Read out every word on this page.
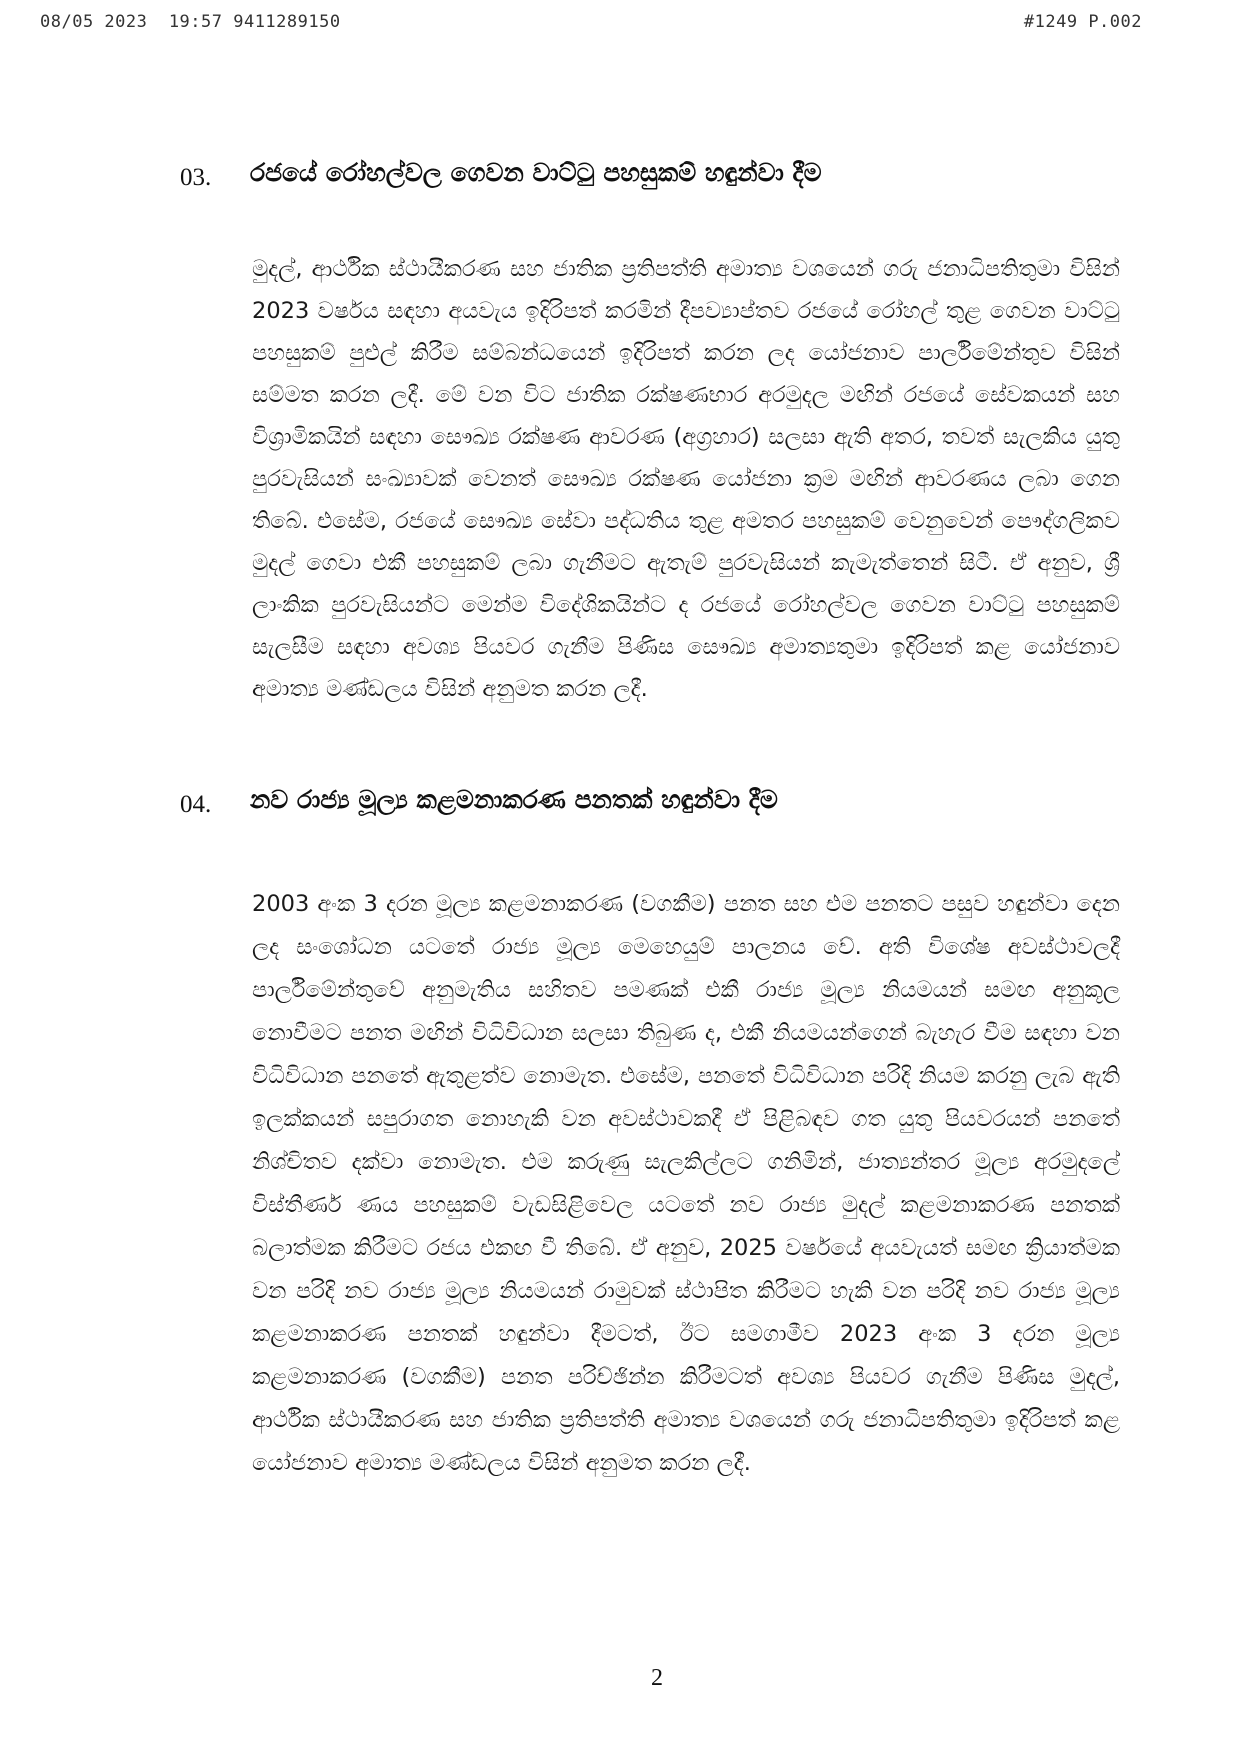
08/05 2023  19:57 9411289150	#1249 P.002
03. රජයේ රෝහල්වල ගෙවන වාට්ටු පහසුකම් හඳුන්වා දීම
මුදල්, ආර්ථික ස්ථායීකරණ සහ ජාතික ප්‍රතිපත්ති අමාත්‍ය වශයෙන් ගරු ජනාධිපතිතුමා විසින් 2023 වර්ෂය සඳහා අයවැය ඉදිරිපත් කරමින් දීපව්‍යාප්තව රජයේ රෝහල් තුළ ගෙවන වාට්ටු පහසුකම් පුළුල් කිරීම සම්බන්ධයෙන් ඉදිරිපත් කරන ලද යෝජනාව පාර්ලිමේන්තුව විසින් සම්මත කරන ලදී. මේ වන විට ජාතික රක්ෂණභාර අරමුදල මඟින් රජයේ සේවකයන් සහ විශ්‍රාමිකයින් සඳහා සෞඛ්‍ය රක්ෂණ ආවරණ (අග්‍රහාර) සලසා ඇති අතර, තවත් සැලකිය යුතු පුරවැසියන් සංඛ්‍යාවක් වෙනත් සෞඛ්‍ය රක්ෂණ යෝජනා ක්‍රම මඟින් ආවරණය ලබා ගෙන තිබේ. එසේම, රජයේ සෞඛ්‍ය සේවා පද්ධතිය තුළ අමතර පහසුකම් වෙනුවෙන් පෞද්ගලිකව මුදල් ගෙවා එකී පහසුකම් ලබා ගැනීමට ඇතැම් පුරවැසියන් කැමැත්තෙන් සිටී. ඒ අනුව, ශ්‍රී ලාංකික පුරවැසියන්ට මෙන්ම විදේශිකයින්ට ද රජයේ රෝහල්වල ගෙවන වාට්ටු පහසුකම් සැලසීම සඳහා අවශ්‍ය පියවර ගැනීම පිණිස සෞඛ්‍ය අමාත්‍යතුමා ඉදිරිපත් කළ යෝජනාව අමාත්‍ය මණ්ඩලය විසින් අනුමත කරන ලදී.
04. නව රාජ්‍ය මූල්‍ය කළමනාකරණ පනතක් හඳුන්වා දීම
2003 අංක 3 දරන මූල්‍ය කළමනාකරණ (වගකීම) පනත සහ එම පනතට පසුව හඳුන්වා දෙන ලද සංශෝධන යටතේ රාජ්‍ය මූල්‍ය මෙහෙයුම් පාලනය වේ. අති විශේෂ අවස්ථාවලදී පාර්ලිමේන්තුවේ අනුමැතිය සහිතව පමණක් එකී රාජ්‍ය මූල්‍ය නියමයන් සමඟ අනුකූල නොවීමට පනත මඟින් විධිවිධාන සලසා තිබුණ ද, එකී නියමයන්ගෙන් බැහැර වීම සඳහා වන විධිවිධාන පනතේ ඇතුළත්ව නොමැත. එසේම, පනතේ විධිවිධාන පරිදි නියම කරනු ලැබ ඇති ඉලක්කයන් සපුරාගත නොහැකි වන අවස්ථාවකදී ඒ පිළිබඳව ගත යුතු පියවරයන් පනතේ නිශ්චිතව දක්වා නොමැත. එම කරුණු සැලකිල්ලට ගනිමින්, ජාත්‍යන්තර මූල්‍ය අරමුදලේ විස්තීර්ණ ණය පහසුකම් වැඩසිළිවෙල යටතේ නව රාජ්‍ය මුදල් කළමනාකරණ පනතක් බලාත්මක කිරීමට රජය එකඟ වී තිබේ. ඒ අනුව, 2025 වර්ෂයේ අයවැයත් සමඟ ක්‍රියාත්මක වන පරිදි නව රාජ්‍ය මූල්‍ය නියමයන් රාමුවක් ස්ථාපිත කිරීමට හැකි වන පරිදි නව රාජ්‍ය මූල්‍ය කළමනාකරණ පනතක් හඳුන්වා දීමටත්, ඊට සමගාමීව 2023 අංක 3 දරන මූල්‍ය කළමනාකරණ (වගකීම) පනත පරිච්ඡින්න කිරීමටත් අවශ්‍ය පියවර ගැනීම පිණිස මුදල්, ආර්ථික ස්ථායීකරණ සහ ජාතික ප්‍රතිපත්ති අමාත්‍ය වශයෙන් ගරු ජනාධිපතිතුමා ඉදිරිපත් කළ යෝජනාව අමාත්‍ය මණ්ඩලය විසින් අනුමත කරන ලදී.
2
